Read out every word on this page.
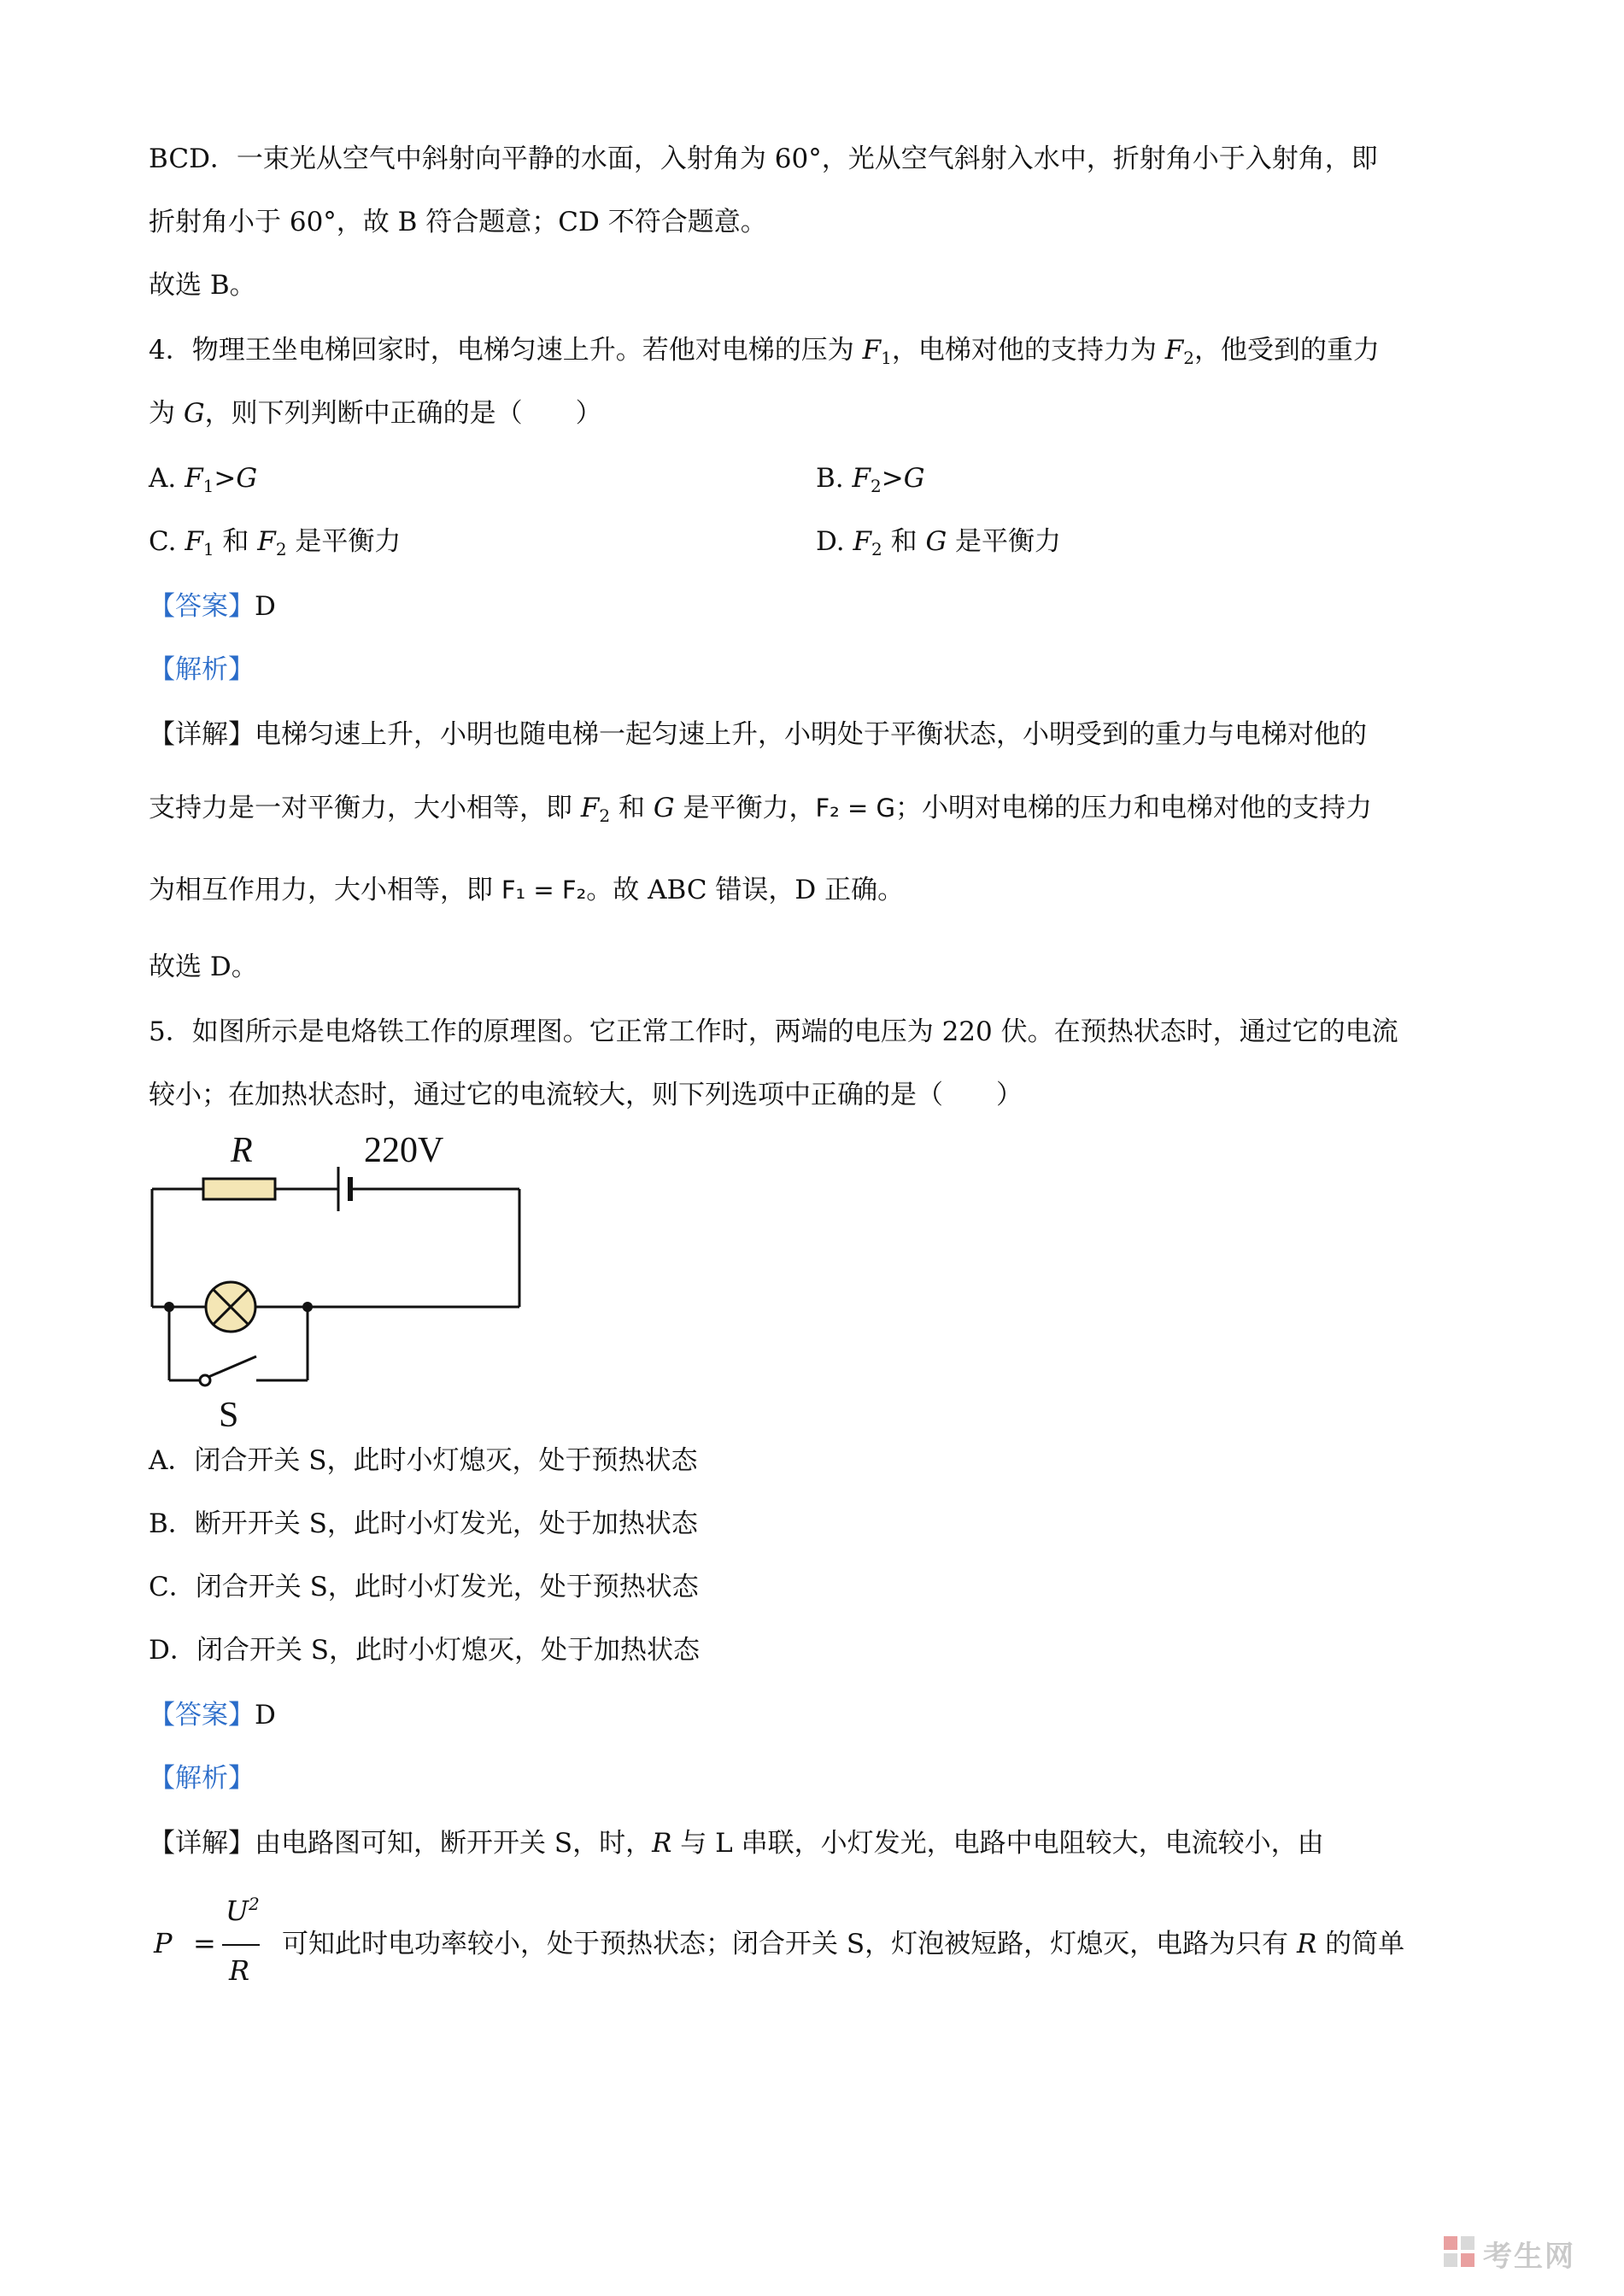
BCD．一束光从空气中斜射向平静的水面，入射角为 60°，光从空气斜射入水中，折射角小于入射角，即
折射角小于 60°，故 B 符合题意；CD 不符合题意。
故选 B。
4．物理王坐电梯回家时，电梯匀速上升。若他对电梯的压为 $F_1$，电梯对他的支持力为 $F_2$，他受到的重力
为 G，则下列判断中正确的是（　　）
A. $F_1>G$	B. $F_2>G$
C. $F_1$ 和 $F_2$ 是平衡力	D. $F_2$ 和 G 是平衡力
【答案】D
【解析】
【详解】电梯匀速上升，小明也随电梯一起匀速上升，小明处于平衡状态，小明受到的重力与电梯对他的
支持力是一对平衡力，大小相等，即 $F_2$ 和 G 是平衡力，F₂ = G；小明对电梯的压力和电梯对他的支持力
为相互作用力，大小相等，即 F₁ = F₂。故 ABC 错误，D 正确。
故选 D。
5．如图所示是电烙铁工作的原理图。它正常工作时，两端的电压为 220 伏。在预热状态时，通过它的电流
较小；在加热状态时，通过它的电流较大，则下列选项中正确的是（　　）
R	220V
S
A．闭合开关 S，此时小灯熄灭，处于预热状态
B．断开开关 S，此时小灯发光，处于加热状态
C．闭合开关 S，此时小灯发光，处于预热状态
D．闭合开关 S，此时小灯熄灭，处于加热状态
【答案】D
【解析】
【详解】由电路图可知，断开开关 S，时，R 与 L 串联，小灯发光，电路中电阻较大，电流较小，由
P =
$U^2$
R
可知此时电功率较小，处于预热状态；闭合开关 S，灯泡被短路，灯熄灭，电路为只有 R 的简单
考生网
